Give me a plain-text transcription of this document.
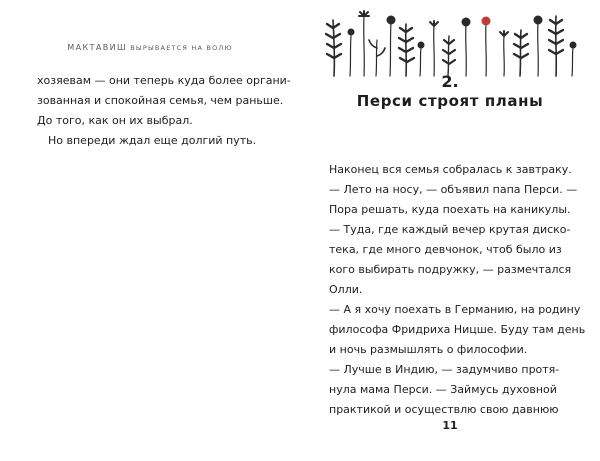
МАКТАВИШ ВЫРЫВАЕТСЯ НА ВОЛЮ

хозяевам — они теперь куда более органи-

зованная и спокойная семья, чем раньше.

До того, как он их выбрал.

Но впереди ждал еще долгий путь.

2.
Перси строят планы

Наконец вся семья собралась к завтраку.

— Лето на носу, — объявил папа Перси. —

Пора решать, куда поехать на каникулы.

— Туда, где каждый вечер крутая диско-

тека, где много девчонок, чтоб было из

кого выбирать подружку, — размечтался

Олли.

— А я хочу поехать в Германию, на родину

философа Фридриха Ницше. Буду там день

и ночь размышлять о философии.

— Лучше в Индию, — задумчиво протя-

нула мама Перси. — Займусь духовной

практикой и осуществлю свою давнюю

11
